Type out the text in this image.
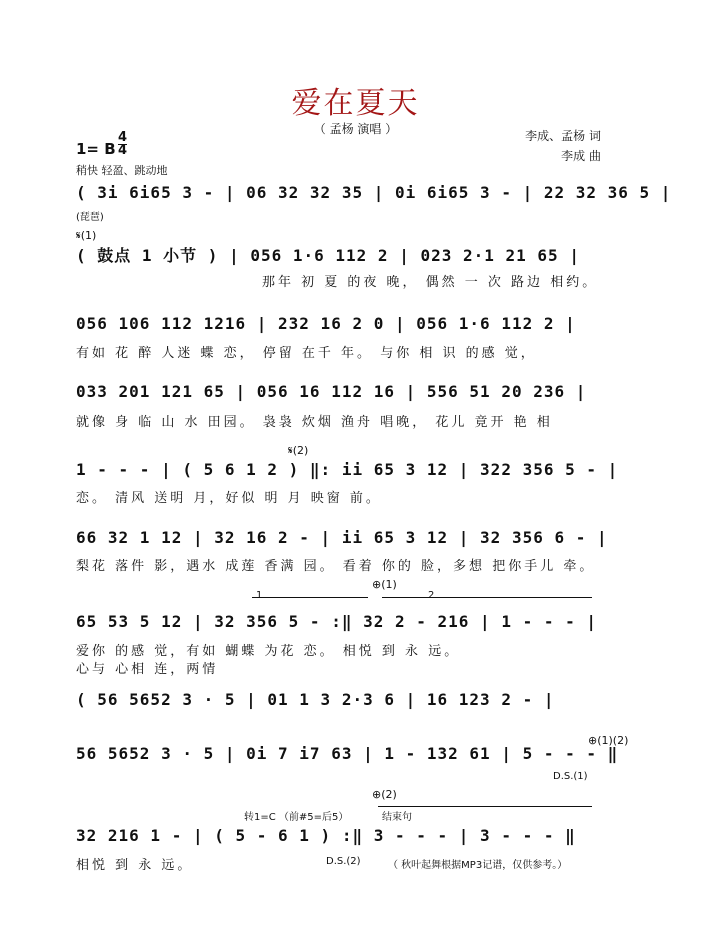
爱在夏天
（ 孟杨 演唱 ）	李成、孟杨 词
李成 曲
1= B
4
4
稍快 轻盈、跳动地
( 3i 6i65 3 - | 06 32 32 35 | 0i 6i65 3 - | 22 32 36 5 |
(琵琶)
𝄋(1)
( 鼓点 1 小节 ) | 056 1·6 112 2 | 023 2·1 21 65 |
那年 初 夏 的夜 晚， 偶然 一 次 路边 相约。
056 106 112 1216 | 232 16 2 0 | 056 1·6 112 2 |
有如 花 醉 人迷 蝶 恋， 停留 在千 年。 与你 相 识 的感 觉，
033 201 121 65 | 056 16 112 16 | 556 51 20 236 |
就像 身 临 山 水 田园。 袅袅 炊烟 渔舟 唱晚， 花儿 竟开 艳 相
𝄋(2)
1 - - - | ( 5 6 1 2 ) ‖: ii 65 3 12 | 322 356 5 - |
恋。 清风 送明 月，好似 明 月 映窗 前。
66 32 1 12 | 32 16 2 - | ii 65 3 12 | 32 356 6 - |
梨花 落件 影，遇水 成莲 香满 园。 看着 你的 脸，多想 把你手儿 牵。
⊕(1)
1	2
65 53 5 12 | 32 356 5 - :‖ 32 2 - 216 | 1 - - - |
爱你 的感 觉，有如 蝴蝶 为花 恋。 相悦 到 永 远。
心与 心相 连，两情
( 56 5652 3 · 5 | 01 1 3 2·3 6 | 16 123 2 - |
56 5652 3 · 5 | 0i 7 i7 63 | 1 - 132 61 | 5 - - - ‖
⊕(1)(2)
D.S.(1)
⊕(2)
转1=C （前#5=后5）	结束句
32 216 1 - | ( 5 - 6 1 ) :‖ 3 - - - | 3 - - - ‖
相悦 到 永 远。	D.S.(2)	（ 秋叶起舞根据MP3记谱，仅供参考。）
